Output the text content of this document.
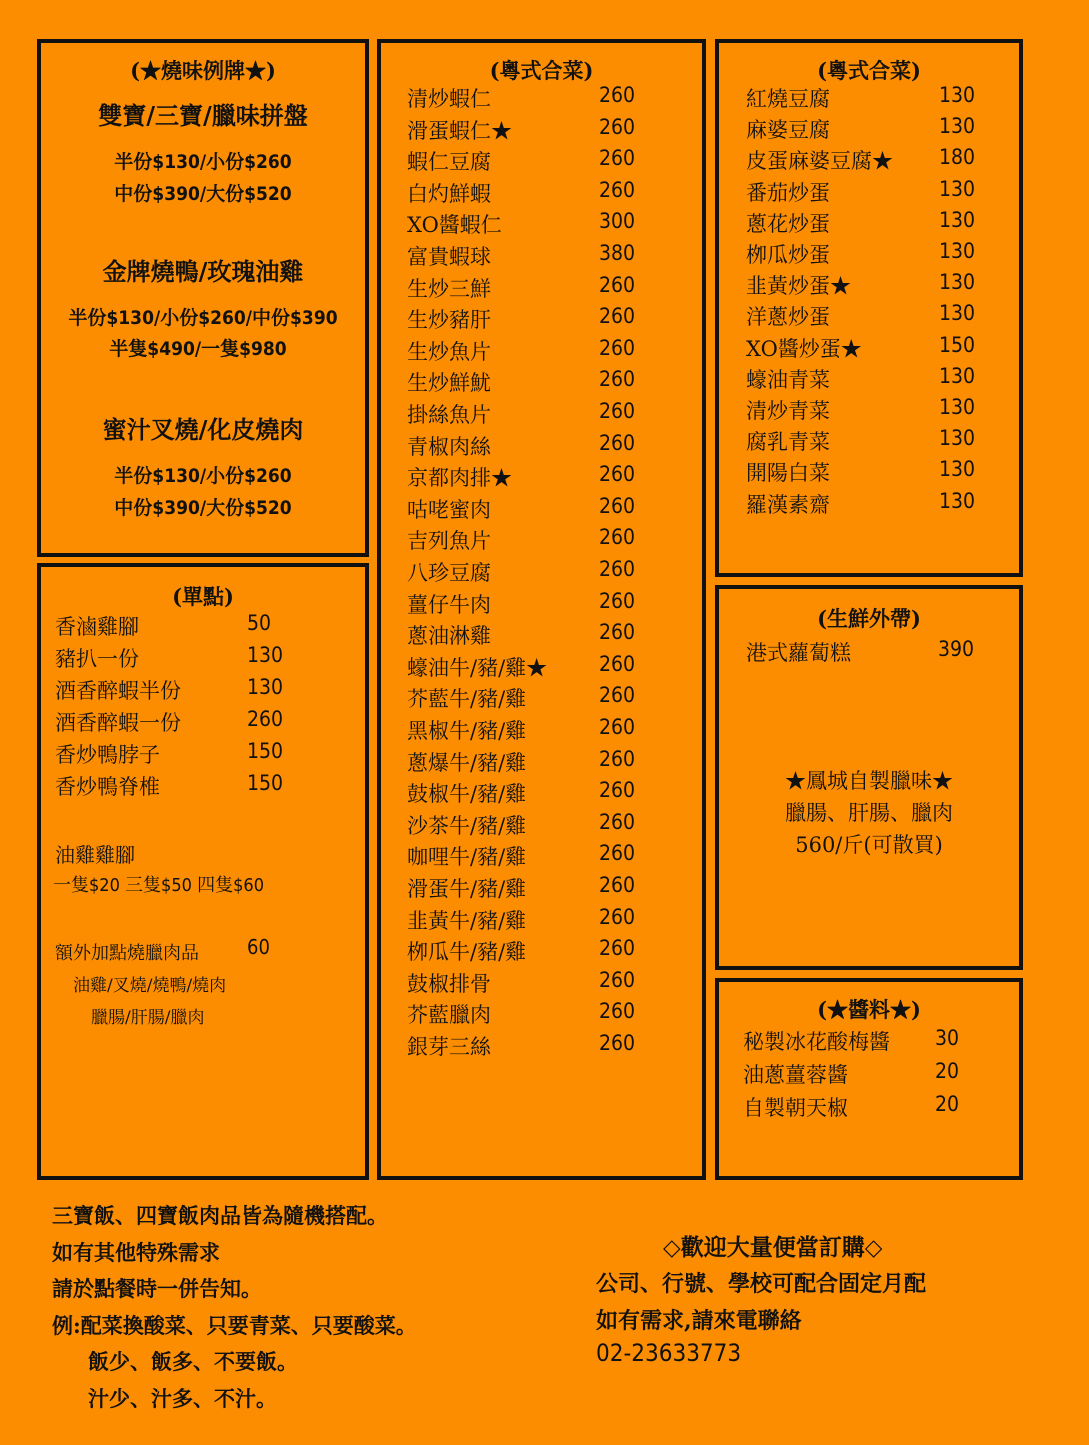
(★燒味例牌★)
雙寶/三寶/臘味拼盤
半份$130/小份$260
中份$390/大份$520
金牌燒鴨/玫瑰油雞
半份$130/小份$260/中份$390
半隻$490/一隻$980
蜜汁叉燒/化皮燒肉
半份$130/小份$260
中份$390/大份$520
(單點)
香滷雞腳	50
豬扒一份	130
酒香醉蝦半份	130
酒香醉蝦一份	260
香炒鴨脖子	150
香炒鴨脊椎	150
油雞雞腳
一隻$20 三隻$50 四隻$60
額外加點燒臘肉品 60
油雞/叉燒/燒鴨/燒肉
臘腸/肝腸/臘肉
(粵式合菜)
清炒蝦仁	260
滑蛋蝦仁★	260
蝦仁豆腐	260
白灼鮮蝦	260
XO醬蝦仁	300
富貴蝦球	380
生炒三鮮	260
生炒豬肝	260
生炒魚片	260
生炒鮮魷	260
掛絲魚片	260
青椒肉絲	260
京都肉排★	260
咕咾蜜肉	260
吉列魚片	260
八珍豆腐	260
薑仔牛肉	260
蔥油淋雞	260
蠔油牛/豬/雞★ 260
芥藍牛/豬/雞	260
黑椒牛/豬/雞	260
蔥爆牛/豬/雞	260
鼓椒牛/豬/雞	260
沙茶牛/豬/雞	260
咖哩牛/豬/雞	260
滑蛋牛/豬/雞	260
韭黃牛/豬/雞	260
栁瓜牛/豬/雞	260
鼓椒排骨	260
芥藍臘肉	260
銀芽三絲	260
(粵式合菜)
紅燒豆腐	130
麻婆豆腐	130
皮蛋麻婆豆腐★ 180
番茄炒蛋	130
蔥花炒蛋	130
栁瓜炒蛋	130
韭黃炒蛋★	130
洋蔥炒蛋	130
XO醬炒蛋★	150
蠔油青菜	130
清炒青菜	130
腐乳青菜	130
開陽白菜	130
羅漢素齋	130
(生鮮外帶)
港式蘿蔔糕	390
★鳳城自製臘味★
臘腸、肝腸、臘肉
560/斤(可散買)
(★醬料★)
秘製冰花酸梅醬 30
油蔥薑蓉醬	20
自製朝天椒	20
三寶飯、四寶飯肉品皆為隨機搭配。
如有其他特殊需求
請於點餐時一併告知。
例:配菜換酸菜、只要青菜、只要酸菜。
飯少、飯多、不要飯。
汁少、汁多、不汁。
◇歡迎大量便當訂購◇
公司、行號、學校可配合固定月配
如有需求,請來電聯絡
02-23633773
